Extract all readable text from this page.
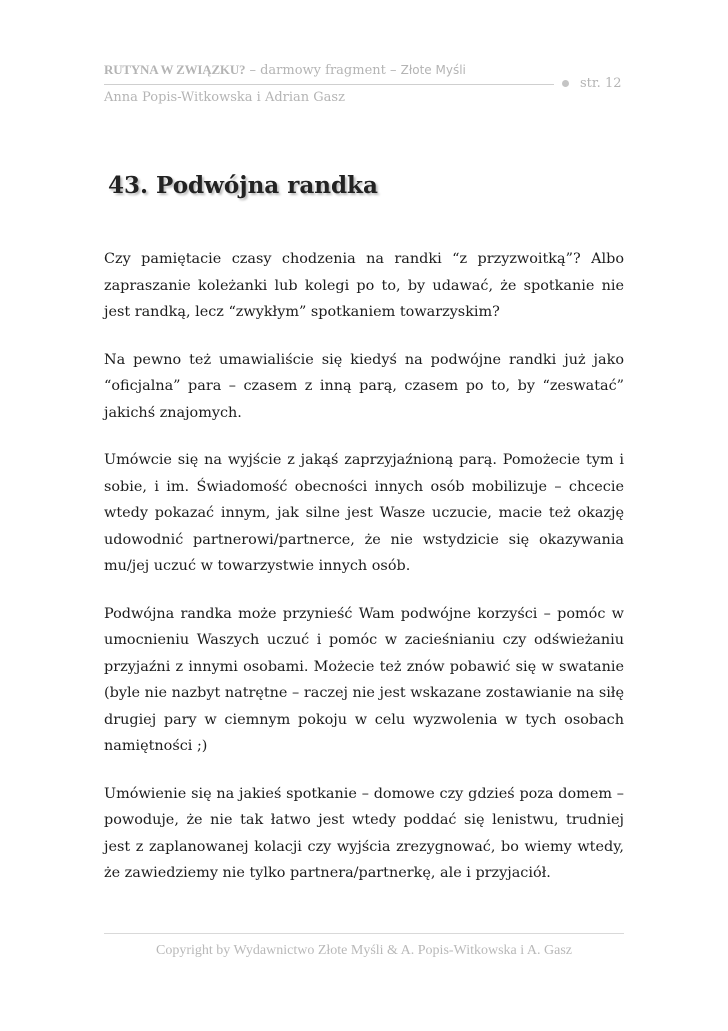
RUTYNA W ZWIĄZKU? – darmowy fragment – Złote Myśli
str. 12
Anna Popis-Witkowska i Adrian Gasz
43. Podwójna randka

Czy pamiętacie czasy chodzenia na randki “z przyzwoitką”? Albo zapraszanie koleżanki lub kolegi po to, by udawać, że spotkanie nie jest randką, lecz “zwykłym” spotkaniem towarzyskim?

Na pewno też umawialiście się kiedyś na podwójne randki już jako “oficjalna” para – czasem z inną parą, czasem po to, by “zeswatać” jakichś znajomych.

Umówcie się na wyjście z jakąś zaprzyjaźnioną parą. Pomożecie tym i sobie, i im. Świadomość obecności innych osób mobilizuje – chcecie wtedy pokazać innym, jak silne jest Wasze uczucie, macie też okazję udowodnić partnerowi/partnerce, że nie wstydzicie się okazywania mu/jej uczuć w towarzystwie innych osób.

Podwójna randka może przynieść Wam podwójne korzyści – pomóc w umocnieniu Waszych uczuć i pomóc w zacieśnianiu czy odświeżaniu przyjaźni z innymi osobami. Możecie też znów pobawić się w swatanie (byle nie nazbyt natrętne – raczej nie jest wskazane zostawianie na siłę drugiej pary w ciemnym pokoju w celu wyzwolenia w tych osobach namiętności ;)

Umówienie się na jakieś spotkanie – domowe czy gdzieś poza domem – powoduje, że nie tak łatwo jest wtedy poddać się lenistwu, trudniej jest z zaplanowanej kolacji czy wyjścia zrezygnować, bo wiemy wtedy, że zawiedziemy nie tylko partnera/partnerkę, ale i przyjaciół.

Copyright by Wydawnictwo Złote Myśli & A. Popis-Witkowska i A. Gasz
